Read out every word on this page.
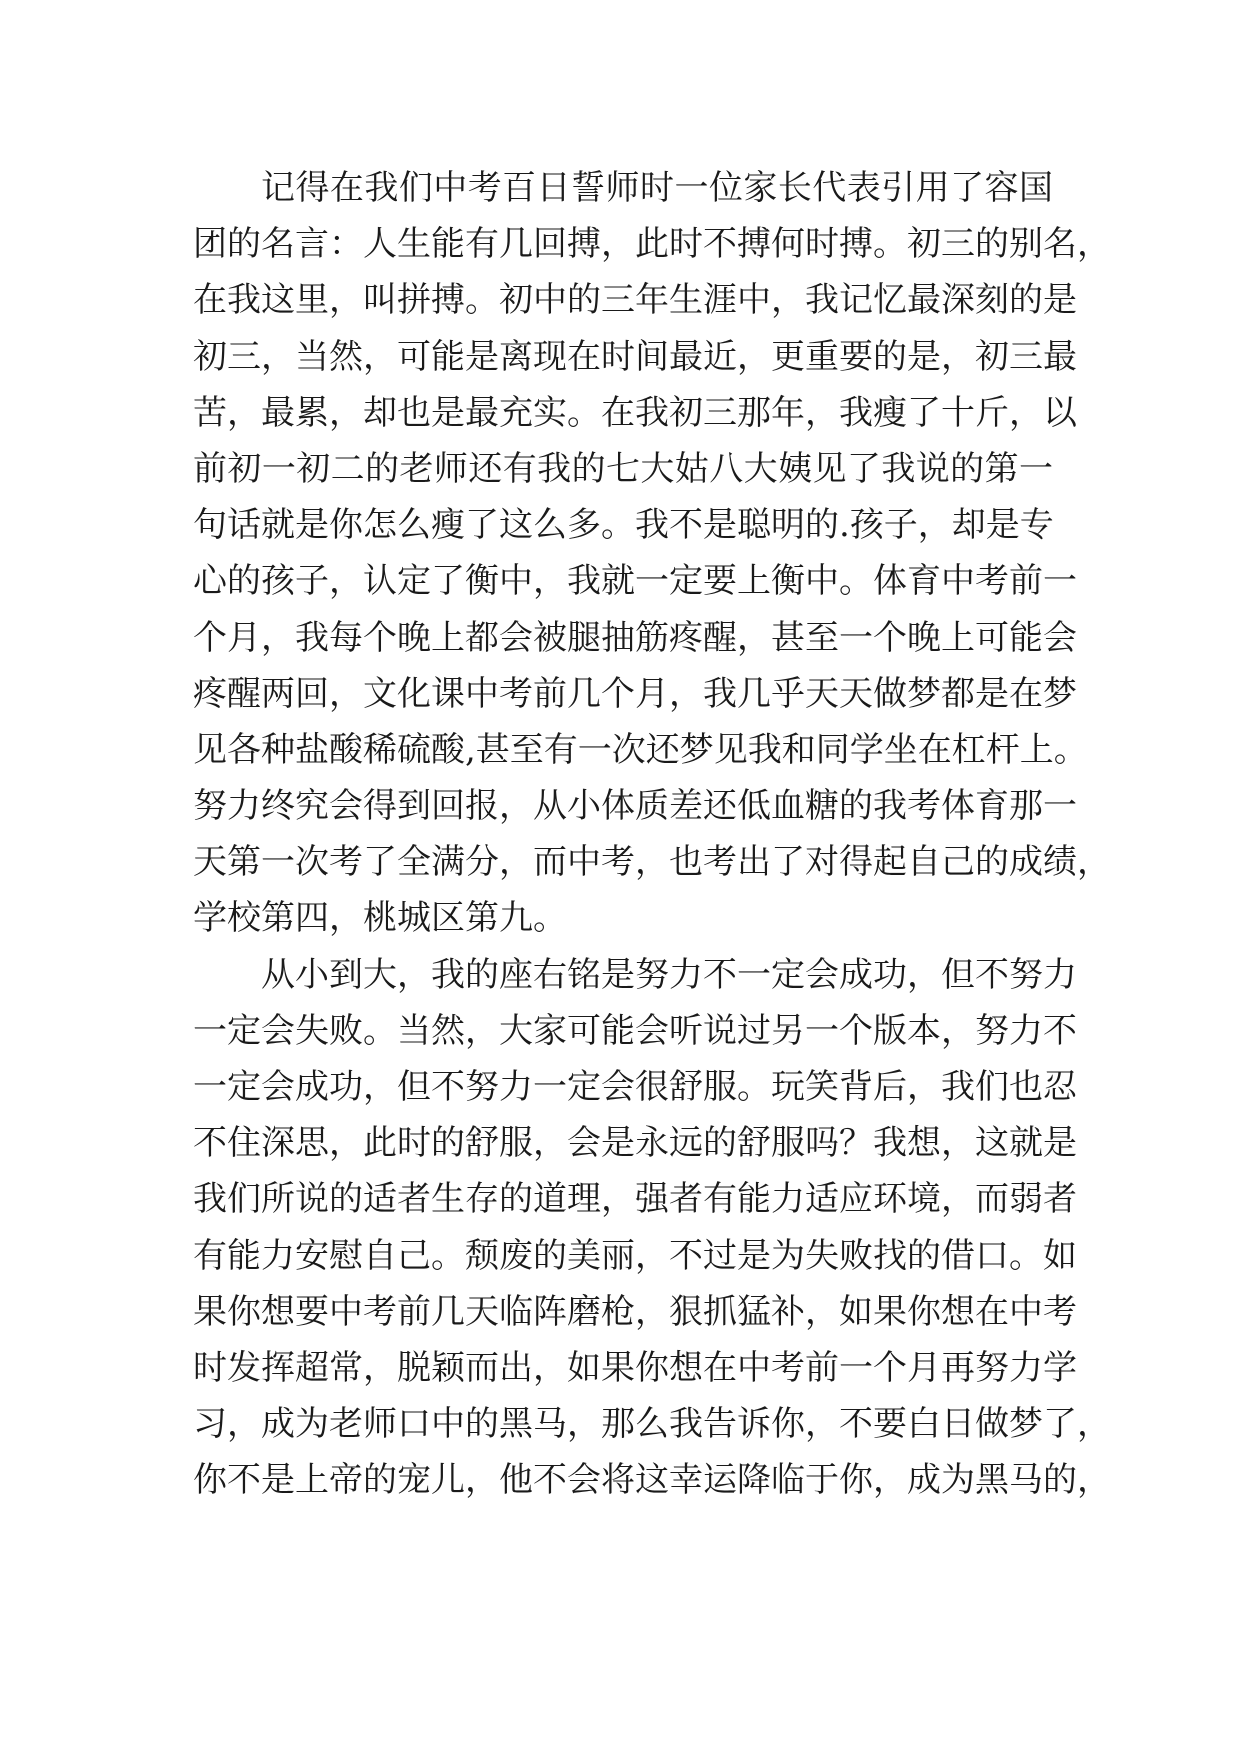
记得在我们中考百日誓师时一位家长代表引用了容国
团的名言：人生能有几回搏，此时不搏何时搏。初三的别名，
在我这里，叫拼搏。初中的三年生涯中，我记忆最深刻的是
初三，当然，可能是离现在时间最近，更重要的是，初三最
苦，最累，却也是最充实。在我初三那年，我瘦了十斤，以
前初一初二的老师还有我的七大姑八大姨见了我说的第一
句话就是你怎么瘦了这么多。我不是聪明的.孩子，却是专
心的孩子，认定了衡中，我就一定要上衡中。体育中考前一
个月，我每个晚上都会被腿抽筋疼醒，甚至一个晚上可能会
疼醒两回，文化课中考前几个月，我几乎天天做梦都是在梦
见各种盐酸稀硫酸,甚至有一次还梦见我和同学坐在杠杆上。
努力终究会得到回报，从小体质差还低血糖的我考体育那一
天第一次考了全满分，而中考，也考出了对得起自己的成绩，
学校第四，桃城区第九。
从小到大，我的座右铭是努力不一定会成功，但不努力
一定会失败。当然，大家可能会听说过另一个版本，努力不
一定会成功，但不努力一定会很舒服。玩笑背后，我们也忍
不住深思，此时的舒服，会是永远的舒服吗？我想，这就是
我们所说的适者生存的道理，强者有能力适应环境，而弱者
有能力安慰自己。颓废的美丽，不过是为失败找的借口。如
果你想要中考前几天临阵磨枪，狠抓猛补，如果你想在中考
时发挥超常，脱颖而出，如果你想在中考前一个月再努力学
习，成为老师口中的黑马，那么我告诉你，不要白日做梦了，
你不是上帝的宠儿，他不会将这幸运降临于你，成为黑马的，
